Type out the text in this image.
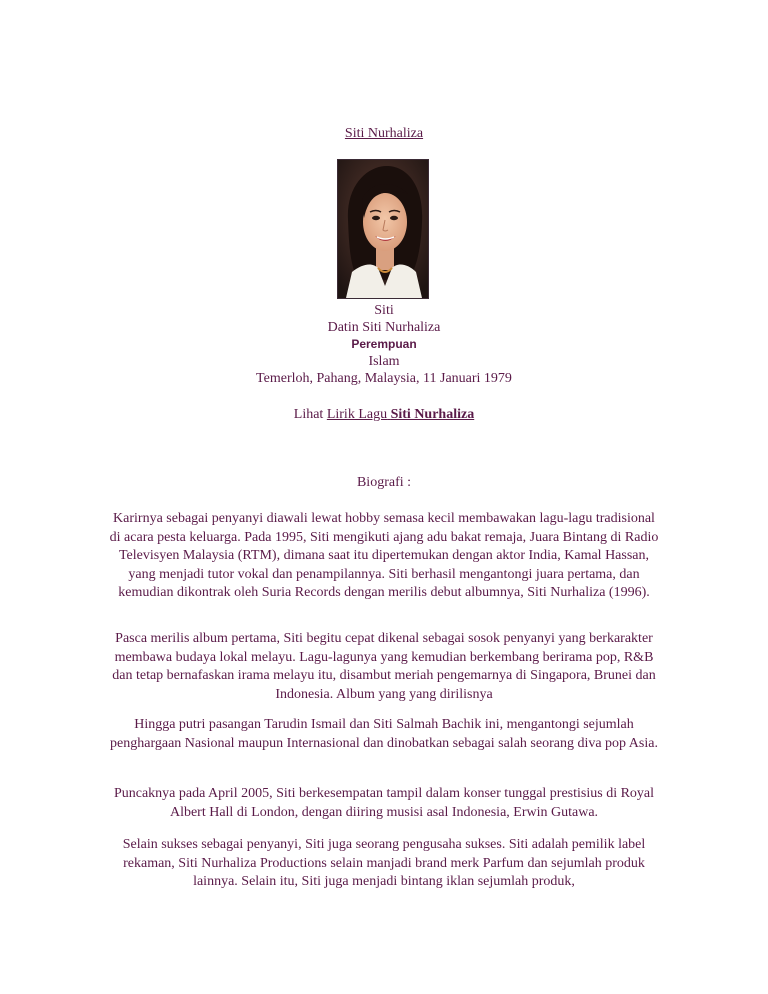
Siti Nurhaliza
Siti
Datin Siti Nurhaliza
Perempuan
Islam
Temerloh, Pahang, Malaysia, 11 Januari 1979
Lihat Lirik Lagu Siti Nurhaliza
Biografi :

Karirnya sebagai penyanyi diawali lewat hobby semasa kecil membawakan lagu-lagu tradisional di acara pesta keluarga. Pada 1995, Siti mengikuti ajang adu bakat remaja, Juara Bintang di Radio Televisyen Malaysia (RTM), dimana saat itu dipertemukan dengan aktor India, Kamal Hassan, yang menjadi tutor vokal dan penampilannya. Siti berhasil mengantongi juara pertama, dan kemudian dikontrak oleh Suria Records dengan merilis debut albumnya, Siti Nurhaliza (1996).

Pasca merilis album pertama, Siti begitu cepat dikenal sebagai sosok penyanyi yang berkarakter membawa budaya lokal melayu. Lagu-lagunya yang kemudian berkembang berirama pop, R&B dan tetap bernafaskan irama melayu itu, disambut meriah pengemarnya di Singapora, Brunei dan Indonesia. Album yang yang dirilisnya

Hingga putri pasangan Tarudin Ismail dan Siti Salmah Bachik ini, mengantongi sejumlah penghargaan Nasional maupun Internasional dan dinobatkan sebagai salah seorang diva pop Asia.

Puncaknya pada April 2005, Siti berkesempatan tampil dalam konser tunggal prestisius di Royal Albert Hall di London, dengan diiring musisi asal Indonesia, Erwin Gutawa.

Selain sukses sebagai penyanyi, Siti juga seorang pengusaha sukses. Siti adalah pemilik label rekaman, Siti Nurhaliza Productions selain manjadi brand merk Parfum dan sejumlah produk lainnya. Selain itu, Siti juga menjadi bintang iklan sejumlah produk,
